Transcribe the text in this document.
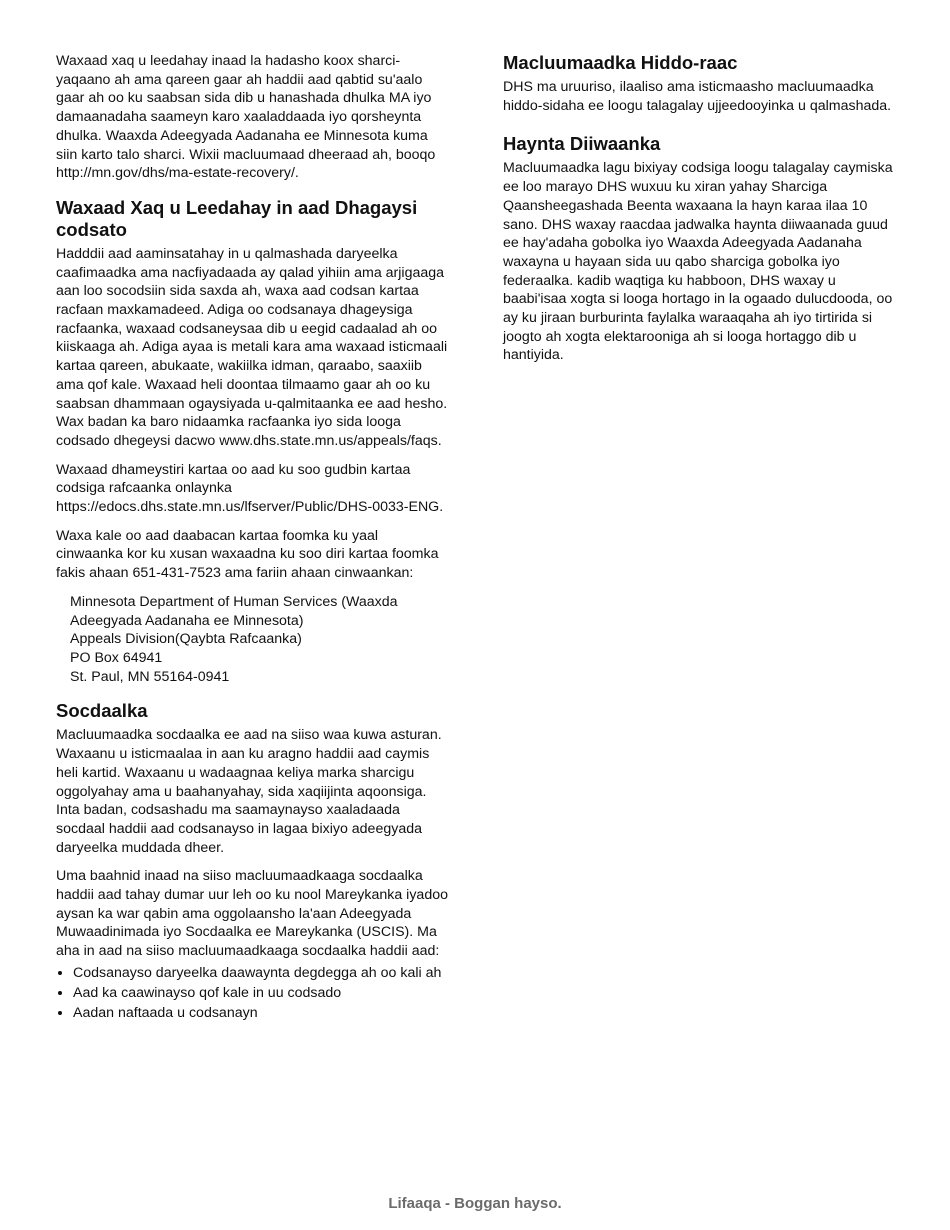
Waxaad xaq u leedahay inaad la hadasho koox sharci-yaqaano ah ama qareen gaar ah haddii aad qabtid su'aalo gaar ah oo ku saabsan sida dib u hanashada dhulka MA iyo damaanadaha saameyn karo xaaladdaada iyo qorsheynta dhulka. Waaxda Adeegyada Aadanaha ee Minnesota kuma siin karto talo sharci. Wixii macluumaad dheeraad ah, booqo http://mn.gov/dhs/ma-estate-recovery/.

Waxaad Xaq u Leedahay in aad Dhagaysi codsato

Hadddii aad aaminsatahay in u qalmashada daryeelka caafimaadka ama nacfiyadaada ay qalad yihiin ama arjigaaga aan loo socodsiin sida saxda ah, waxa aad codsan kartaa racfaan maxkamadeed. Adiga oo codsanaya dhageysiga racfaanka, waxaad codsaneysaa dib u eegid cadaalad ah oo kiiskaaga ah. Adiga ayaa is metali kara ama waxaad isticmaali kartaa qareen, abukaate, wakiilka idman, qaraabo, saaxiib ama qof kale. Waxaad heli doontaa tilmaamo gaar ah oo ku saabsan dhammaan ogaysiyada u-qalmitaanka ee aad hesho. Wax badan ka baro nidaamka racfaanka iyo sida looga codsado dhegeysi dacwo www.dhs.state.mn.us/appeals/faqs.

Waxaad dhameystiri kartaa oo aad ku soo gudbin kartaa codsiga rafcaanka onlaynka https://edocs.dhs.state.mn.us/lfserver/Public/DHS-0033-ENG.

Waxa kale oo aad daabacan kartaa foomka ku yaal cinwaanka kor ku xusan waxaadna ku soo diri kartaa foomka fakis ahaan 651-431-7523 ama fariin ahaan cinwaankan:

Minnesota Department of Human Services (Waaxda
Adeegyada Aadanaha ee Minnesota)
Appeals Division(Qaybta Rafcaanka)
PO Box 64941
St. Paul, MN 55164-0941
Socdaalka

Macluumaadka socdaalka ee aad na siiso waa kuwa asturan. Waxaanu u isticmaalaa in aan ku aragno haddii aad caymis heli kartid. Waxaanu u wadaagnaa keliya marka sharcigu oggolyahay ama u baahanyahay, sida xaqiijinta aqoonsiga. Inta badan, codsashadu ma saamaynayso xaaladaada socdaal haddii aad codsanayso in lagaa bixiyo adeegyada daryeelka muddada dheer.

Uma baahnid inaad na siiso macluumaadkaaga socdaalka haddii aad tahay dumar uur leh oo ku nool Mareykanka iyadoo aysan ka war qabin ama oggolaansho la'aan Adeegyada Muwaadinimada iyo Socdaalka ee Mareykanka (USCIS). Ma aha in aad na siiso macluumaadkaaga socdaalka haddii aad:

• Codsanayso daryeelka daawaynta degdegga ah oo kali ah
• Aad ka caawinayso qof kale in uu codsado
• Aadan naftaada u codsanayn
Macluumaadka Hiddo-raac

DHS ma uruuriso, ilaaliso ama isticmaasho macluumaadka hiddo-sidaha ee loogu talagalay ujjeedooyinka u qalmashada.

Haynta Diiwaanka

Macluumaadka lagu bixiyay codsiga loogu talagalay caymiska ee loo marayo DHS wuxuu ku xiran yahay Sharciga Qaansheegashada Beenta waxaana la hayn karaa ilaa 10 sano. DHS waxay raacdaa jadwalka haynta diiwaanada guud ee hay'adaha gobolka iyo Waaxda Adeegyada Aadanaha waxayna u hayaan sida uu qabo sharciga gobolka iyo federaalka. kadib waqtiga ku habboon, DHS waxay u baabi'isaa xogta si looga hortago in la ogaado dulucdooda, oo ay ku jiraan burburinta faylalka waraaqaha ah iyo tirtirida si joogto ah xogta elektarooniga ah si looga hortaggo dib u hantiyida.

Lifaaqa - Boggan hayso.
